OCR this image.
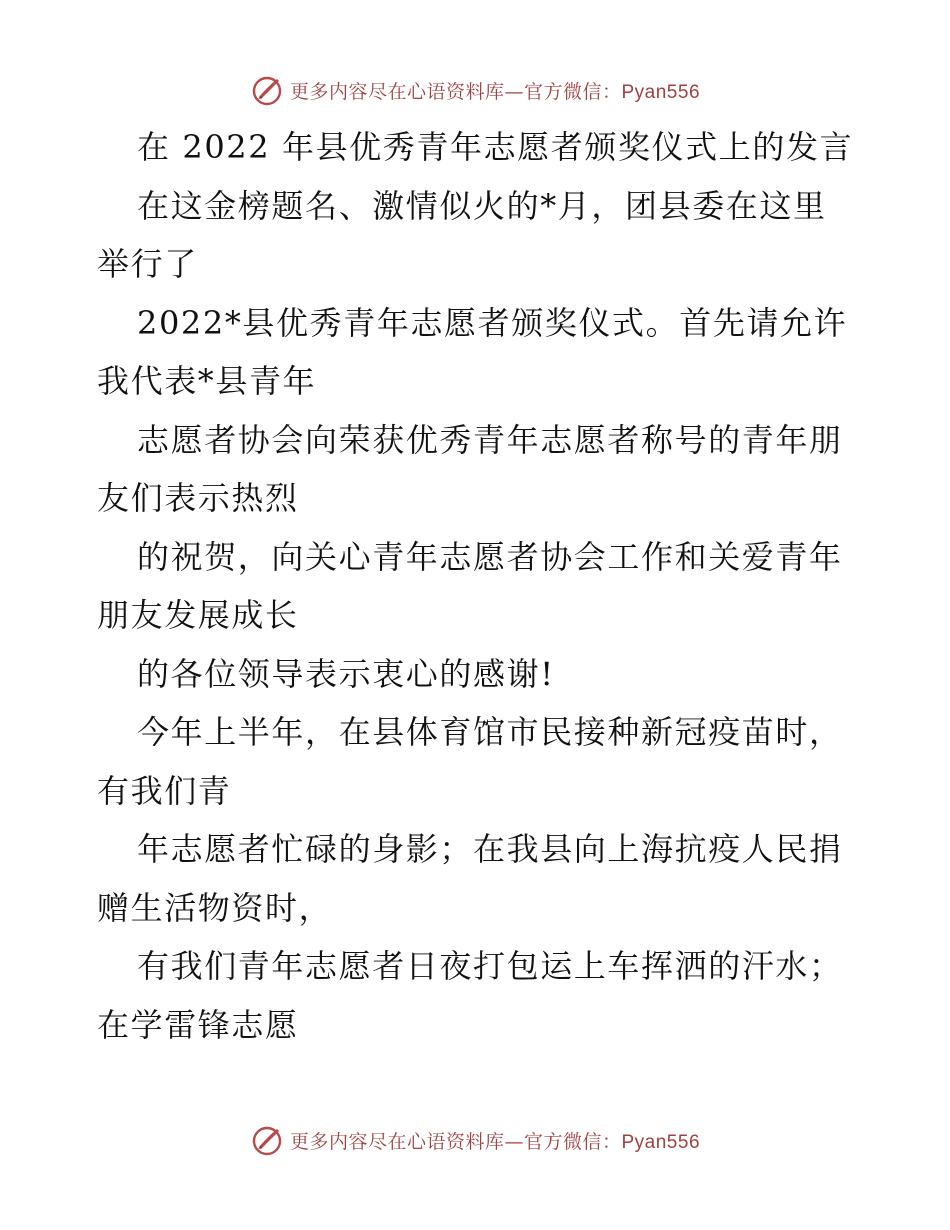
更多内容尽在心语资料库—官方微信：Pyan556
在 2022 年县优秀青年志愿者颁奖仪式上的发言
在这金榜题名、激情似火的*月，团县委在这里
举行了
2022*县优秀青年志愿者颁奖仪式。首先请允许
我代表*县青年
志愿者协会向荣获优秀青年志愿者称号的青年朋
友们表示热烈
的祝贺，向关心青年志愿者协会工作和关爱青年
朋友发展成长
的各位领导表示衷心的感谢!
今年上半年，在县体育馆市民接种新冠疫苗时，
有我们青
年志愿者忙碌的身影；在我县向上海抗疫人民捐
赠生活物资时，
有我们青年志愿者日夜打包运上车挥洒的汗水；
在学雷锋志愿
更多内容尽在心语资料库—官方微信：Pyan556
